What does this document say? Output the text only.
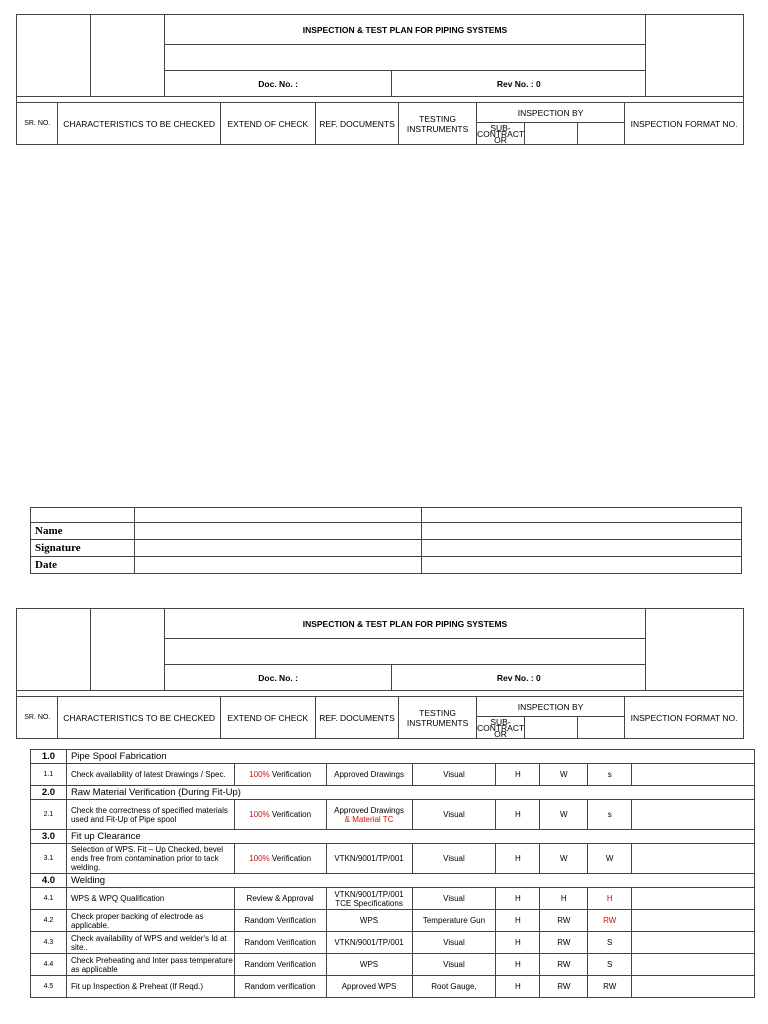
		INSPECTION & TEST PLAN FOR PIPING SYSTEMS		

		Doc. No. :	Rev No. : 0	

SR. NO.	CHARACTERISTICS TO BE CHECKED	EXTEND OF CHECK	REF. DOCUMENTS	TESTING INSTRUMENTS	INSPECTION BY			INSPECTION FORMAT NO.
					SUB-CONTRACT OR			

Name		
Signature		
Date		
		INSPECTION & TEST PLAN FOR PIPING SYSTEMS		

		Doc. No. :	Rev No. : 0	

SR. NO.	CHARACTERISTICS TO BE CHECKED	EXTEND OF CHECK	REF. DOCUMENTS	TESTING INSTRUMENTS	INSPECTION BY			INSPECTION FORMAT NO.
					SUB-CONTRACT OR			
1.0	Pipe Spool Fabrication							
1.1	Check availability of latest Drawings / Spec.	100% Verification	Approved Drawings	Visual	H	W	s	
2.0	Raw Material Verification (During Fit-Up)							
2.1	Check the correctness of specified materials used and Fit-Up of Pipe spool	100% Verification	Approved Drawings
& Material TC	Visual	H	W	s	
3.0	Fit up Clearance							
3.1	Selection of WPS. Fit – Up Checked, bevel ends free from contamination prior to tack welding.	100% Verification	VTKN/9001/TP/001	Visual	H	W	W	
4.0	Welding							
4.1	WPS & WPQ Qualification	Review & Approval	VTKN/9001/TP/001 TCE Specifications	Visual	H	H	H	
4.2	Check proper backing of electrode as applicable.	Random Verification	WPS	Temperature Gun	H	RW	RW	
4.3	Check availability of WPS and welder's Id at site..	Random Verification	VTKN/9001/TP/001	Visual	H	RW	S	
4.4	Check Preheating and Inter pass temperature as applicable	Random Verification	WPS	Visual	H	RW	S	
4.5	Fit up Inspection & Preheat (If Reqd.)	Random verification	Approved WPS	Root Gauge,	H	RW	RW	
